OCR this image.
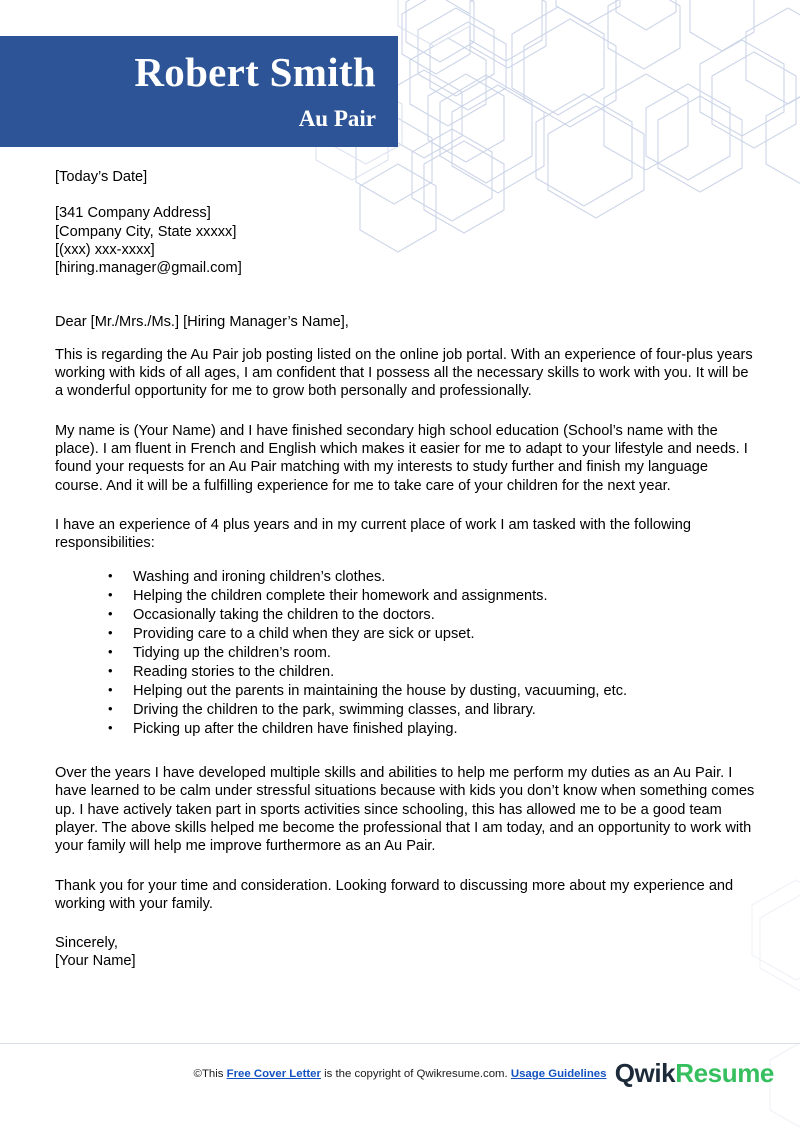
Robert Smith
Au Pair
[Today’s Date]
[341 Company Address]
[Company City, State xxxxx]
[(xxx) xxx-xxxx]
[hiring.manager@gmail.com]
Dear [Mr./Mrs./Ms.] [Hiring Manager’s Name],

This is regarding the Au Pair job posting listed on the online job portal. With an experience of four-plus years working with kids of all ages, I am confident that I possess all the necessary skills to work with you. It will be a wonderful opportunity for me to grow both personally and professionally.

My name is (Your Name) and I have finished secondary high school education (School’s name with the place). I am fluent in French and English which makes it easier for me to adapt to your lifestyle and needs. I found your requests for an Au Pair matching with my interests to study further and finish my language course. And it will be a fulfilling experience for me to take care of your children for the next year.

I have an experience of 4 plus years and in my current place of work I am tasked with the following responsibilities:

• Washing and ironing children’s clothes.
• Helping the children complete their homework and assignments.
• Occasionally taking the children to the doctors.
• Providing care to a child when they are sick or upset.
• Tidying up the children’s room.
• Reading stories to the children.
• Helping out the parents in maintaining the house by dusting, vacuuming, etc.
• Driving the children to the park, swimming classes, and library.
• Picking up after the children have finished playing.

Over the years I have developed multiple skills and abilities to help me perform my duties as an Au Pair. I have learned to be calm under stressful situations because with kids you don’t know when something comes up. I have actively taken part in sports activities since schooling, this has allowed me to be a good team player. The above skills helped me become the professional that I am today, and an opportunity to work with your family will help me improve furthermore as an Au Pair.

Thank you for your time and consideration. Looking forward to discussing more about my experience and working with your family.

Sincerely,
[Your Name]
©This Free Cover Letter is the copyright of Qwikresume.com. Usage Guidelines QwikResume
